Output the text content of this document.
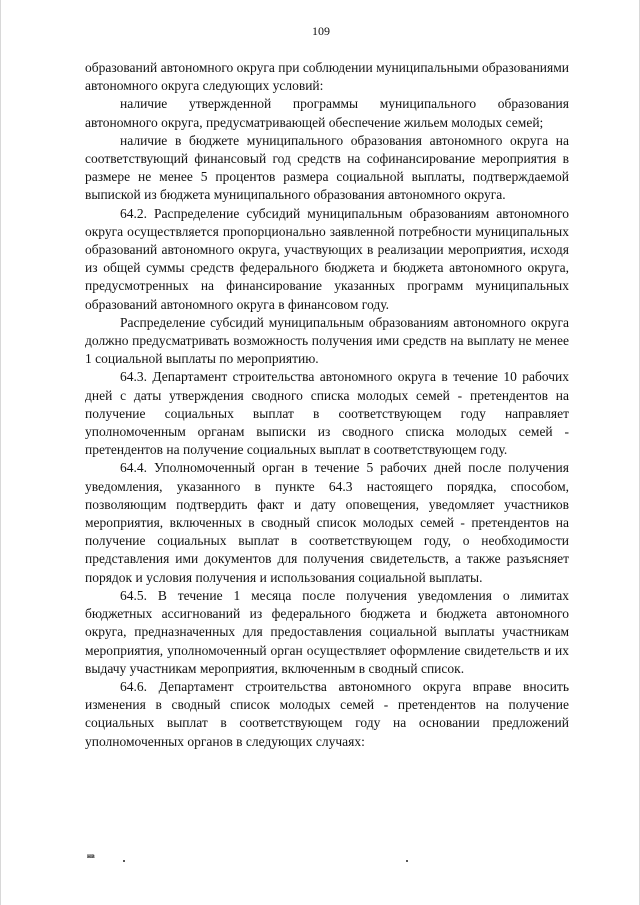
109

образований автономного округа при соблюдении муниципальными образованиями автономного округа следующих условий:

наличие утвержденной программы муниципального образования автономного округа, предусматривающей обеспечение жильем молодых семей;

наличие в бюджете муниципального образования автономного округа на соответствующий финансовый год средств на софинансирование мероприятия в размере не менее 5 процентов размера социальной выплаты, подтверждаемой выпиской из бюджета муниципального образования автономного округа.

64.2. Распределение субсидий муниципальным образованиям автономного округа осуществляется пропорционально заявленной потребности муниципальных образований автономного округа, участвующих в реализации мероприятия, исходя из общей суммы средств федерального бюджета и бюджета автономного округа, предусмотренных на финансирование указанных программ муниципальных образований автономного округа в финансовом году.

Распределение субсидий муниципальным образованиям автономного округа должно предусматривать возможность получения ими средств на выплату не менее 1 социальной выплаты по мероприятию.

64.3. Департамент строительства автономного округа в течение 10 рабочих дней с даты утверждения сводного списка молодых семей - претендентов на получение социальных выплат в соответствующем году направляет уполномоченным органам выписки из сводного списка молодых семей - претендентов на получение социальных выплат в соответствующем году.

64.4. Уполномоченный орган в течение 5 рабочих дней после получения уведомления, указанного в пункте 64.3 настоящего порядка, способом, позволяющим подтвердить факт и дату оповещения, уведомляет участников мероприятия, включенных в сводный список молодых семей - претендентов на получение социальных выплат в соответствующем году, о необходимости представления ими документов для получения свидетельств, а также разъясняет порядок и условия получения и использования социальной выплаты.

64.5. В течение 1 месяца после получения уведомления о лимитах бюджетных ассигнований из федерального бюджета и бюджета автономного округа, предназначенных для предоставления социальной выплаты участникам мероприятия, уполномоченный орган осуществляет оформление свидетельств и их выдачу участникам мероприятия, включенным в сводный список.

64.6. Департамент строительства автономного округа вправе вносить изменения в сводный список молодых семей - претендентов на получение социальных выплат в соответствующем году на основании предложений уполномоченных органов в следующих случаях:

нв
